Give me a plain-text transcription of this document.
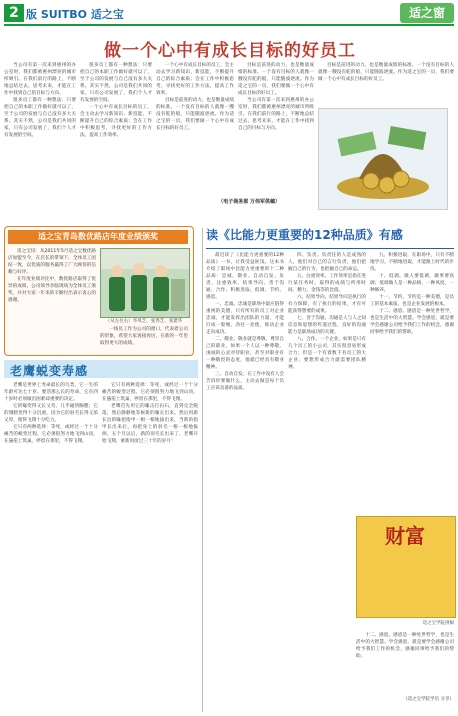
2 版 SUITBO 适之宝	适之窗
做一个心中有成长目标的好员工

当公司有第一次来到惠州的办公室时，我们都被惠州漂亮的城市所吸引。在我们前行的路上，不断地总结过去，思考未来，才能在工作中找到自己的目标与方向。

很多员工都有一种想法：只要把自己的本职工作做好就可以了，至于公司的发展与自己没有多大关系。其实不然，公司是我们共同的家，只有公司发展了，我们个人才有发展的空间。

很多员工都有一种想法：只要把自己的本职工作做好就可以了，至于公司的发展与自己没有多大关系。其实不然，公司是我们共同的家，只有公司发展了，我们个人才有发展的空间。

一个心中有成长目标的员工，会主动去学习新知识、新技能，不断提升自己的综合素质；会在工作中积极思考，寻找更好的工作方法，提高工作效率。

一个心中有成长目标的员工，会主动去学习新知识、新技能，不断提升自己的综合素质；会在工作中积极思考，寻找更好的工作方法，提高工作效率。

目标是前进的动力，也是衡量成绩的标准。一个没有目标的人就像一艘没有舵的船，只能随波逐流。作为适之宝的一员，我们要做一个心中有成长目标的好员工。

目标是前进的动力，也是衡量成绩的标准。一个没有目标的人就像一艘没有舵的船，只能随波逐流。作为适之宝的一员，我们要做一个心中有成长目标的好员工。

当公司有第一次来到惠州的办公室时，我们都被惠州漂亮的城市所吸引。在我们前行的路上，不断地总结过去，思考未来，才能在工作中找到自己的目标与方向。

目标是前进的动力，也是衡量成绩的标准。一个没有目标的人就像一艘没有舵的船，只能随波逐流。作为适之宝的一员，我们要做一个心中有成长目标的好员工。

（电子商务部 万伟军供稿）
适之宝青岛数优路店年度业绩颁奖

适之宝讯：从2011年5月适之宝数优路店加盟至今，在店长的带领下，全体员工团结一致，以优质的服务赢得了广大顾客的信赖与好评。

在年度业绩评比中，数优路店取得了优异的成绩，公司领导亲临现场为全体员工颁奖，并对大家一年来的辛勤付出表示衷心的感谢。

（从左往右）李凤芝、张秀芝、张建华

一线员工作为公司的窗口，代表着公司的形象，希望大家再接再厉，在新的一年里取得更大的成绩。

老鹰蜕变寿感

老鹰是世界上寿命最长的鸟类，它一生的年龄可达七十岁。要活那么长的寿命，它在四十岁时必须做出困难却重要的决定。

它的喙变得又长又弯，几乎碰到胸膛；它的翅膀变得十分沉重，因为它的羽毛长得又浓又厚，使得飞翔十分吃力。

它只有两种选择：等死，或经过一个十分痛苦的蜕变过程。它必须很努力地飞到山顶，在悬崖上筑巢，停留在那里，不得飞翔。

它只有两种选择：等死，或经过一个十分痛苦的蜕变过程。它必须很努力地飞到山顶，在悬崖上筑巢，停留在那里，不得飞翔。

老鹰首先用它的喙击打岩石，直到完全脱落，然后静静地等候新的喙长出来。然后用新长出的喙把指甲一根一根地拔出来，当新的指甲长出来后，再把身上的羽毛一根一根地拔掉。五个月以后，新的羽毛长出来了，老鹰开始飞翔，重新再度过三十年的岁月！

读《比能力更重要的12种品质》有感

最近读了《比能力更重要的12种品质》一书，让我受益匪浅。这本书介绍了职场中比能力更重要的十二种品质：忠诚、敬业、自动自发、负责、注重效率、结果导向、善于沟通、合作、积极进取、低调、节约、感恩。

一、忠诚。忠诚是职场中最应值得重视的美德，只有所有的员工对企业忠诚，才能发挥出团队的力量，才能拧成一股绳，劲往一处使，推动企业走向成功。

二、敬业。敬业就是尊敬、尊崇自己的职业，如果一个人以一种尊敬、虔诚的心灵对待职业，甚至对职业有一种敬畏的态度，他就已经具有敬业精神。

三、自动自发。在工作中没有人会告诉你要做什么，主动去做是每个员工应该具备的品质。

四、负责。负责任的人是成熟的人，他们对自己的言行负责，他们把握自己的行为，也把握自己的命运。

五、注重效率。工作效率是指在进行某任务时，取得的成绩与所用时间、精力、金钱等的比值。

六、结果导向。结果导向是执行的有力保障，有了执行的结果，才有可能获得想要的成果。

七、善于沟通。沟通是人与人之间信息和思想的传递过程，良好的沟通能力是职场成功的关键。

八、合作。一个企业，如果是只有几个员工的小公司，其实很容易形成合力；但是一个有着数千名员工的大企业，要想形成合力就需要团队精神。

九、积极进取。在职场中，只有不断地学习、不断地进取，才能跟上时代的步伐。

十、低调。做人要低调，做事要高调；低调做人是一种品格，一种风度，一种修养。

十一、节约。节约是一种美德，是员工的基本素质，也是企业发展的根本。

十二、感恩。感恩是一种处世哲学，也是生活中的大智慧。学会感恩，就是要学会感谢公司给予我们工作的机会，感谢同事给予我们的帮助。

财富
适之宝学院供稿

十二、感恩。感恩是一种处世哲学，也是生活中的大智慧。学会感恩，就是要学会感谢公司给予我们工作的机会，感谢同事给予我们的帮助。

（适之宝学院学员 分享）
